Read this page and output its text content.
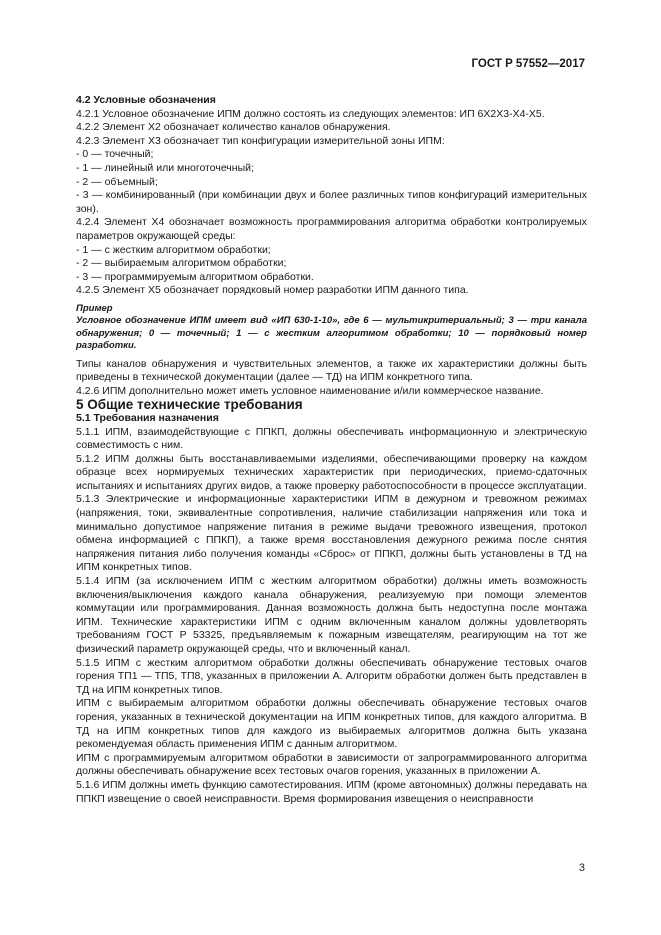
ГОСТ Р 57552—2017

4.2 Условные обозначения

4.2.1 Условное обозначение ИПМ должно состоять из следующих элементов: ИП 6Х2Х3-Х4-Х5.

4.2.2 Элемент Х2 обозначает количество каналов обнаружения.

4.2.3 Элемент Х3 обозначает тип конфигурации измерительной зоны ИПМ:

- 0 — точечный;

- 1 — линейный или многоточечный;

- 2 — объемный;

- 3 — комбинированный (при комбинации двух и более различных типов конфигураций измерительных зон).

4.2.4 Элемент Х4 обозначает возможность программирования алгоритма обработки контролируемых параметров окружающей среды:

- 1 — с жестким алгоритмом обработки;

- 2 — выбираемым алгоритмом обработки;

- 3 — программируемым алгоритмом обработки.

4.2.5 Элемент Х5 обозначает порядковый номер разработки ИПМ данного типа.

Пример

Условное обозначение ИПМ имеет вид «ИП 630-1-10», где 6 — мультикритериальный; 3 — три канала обнаружения; 0 — точечный; 1 — с жестким алгоритмом обработки; 10 — порядковый номер разработки.

Типы каналов обнаружения и чувствительных элементов, а также их характеристики должны быть приведены в технической документации (далее — ТД) на ИПМ конкретного типа.

4.2.6 ИПМ дополнительно может иметь условное наименование и/или коммерческое название.

5 Общие технические требования

5.1 Требования назначения

5.1.1 ИПМ, взаимодействующие с ППКП, должны обеспечивать информационную и электрическую совместимость с ним.

5.1.2 ИПМ должны быть восстанавливаемыми изделиями, обеспечивающими проверку на каждом образце всех нормируемых технических характеристик при периодических, приемо-сдаточных испытаниях и испытаниях других видов, а также проверку работоспособности в процессе эксплуатации.

5.1.3 Электрические и информационные характеристики ИПМ в дежурном и тревожном режимах (напряжения, токи, эквивалентные сопротивления, наличие стабилизации напряжения или тока и минимально допустимое напряжение питания в режиме выдачи тревожного извещения, протокол обмена информацией с ППКП), а также время восстановления дежурного режима после снятия напряжения питания либо получения команды «Сброс» от ППКП, должны быть установлены в ТД на ИПМ конкретных типов.

5.1.4 ИПМ (за исключением ИПМ с жестким алгоритмом обработки) должны иметь возможность включения/выключения каждого канала обнаружения, реализуемую при помощи элементов коммутации или программирования. Данная возможность должна быть недоступна после монтажа ИПМ. Технические характеристики ИПМ с одним включенным каналом должны удовлетворять требованиям ГОСТ Р 53325, предъявляемым к пожарным извещателям, реагирующим на тот же физический параметр окружающей среды, что и включенный канал.

5.1.5 ИПМ с жестким алгоритмом обработки должны обеспечивать обнаружение тестовых очагов горения ТП1 — ТП5, ТП8, указанных в приложении А. Алгоритм обработки должен быть представлен в ТД на ИПМ конкретных типов.

ИПМ с выбираемым алгоритмом обработки должны обеспечивать обнаружение тестовых очагов горения, указанных в технической документации на ИПМ конкретных типов, для каждого алгоритма. В ТД на ИПМ конкретных типов для каждого из выбираемых алгоритмов должна быть указана рекомендуемая область применения ИПМ с данным алгоритмом.

ИПМ с программируемым алгоритмом обработки в зависимости от запрограммированного алгоритма должны обеспечивать обнаружение всех тестовых очагов горения, указанных в приложении А.

5.1.6 ИПМ должны иметь функцию самотестирования. ИПМ (кроме автономных) должны передавать на ППКП извещение о своей неисправности. Время формирования извещения о неисправности

3
